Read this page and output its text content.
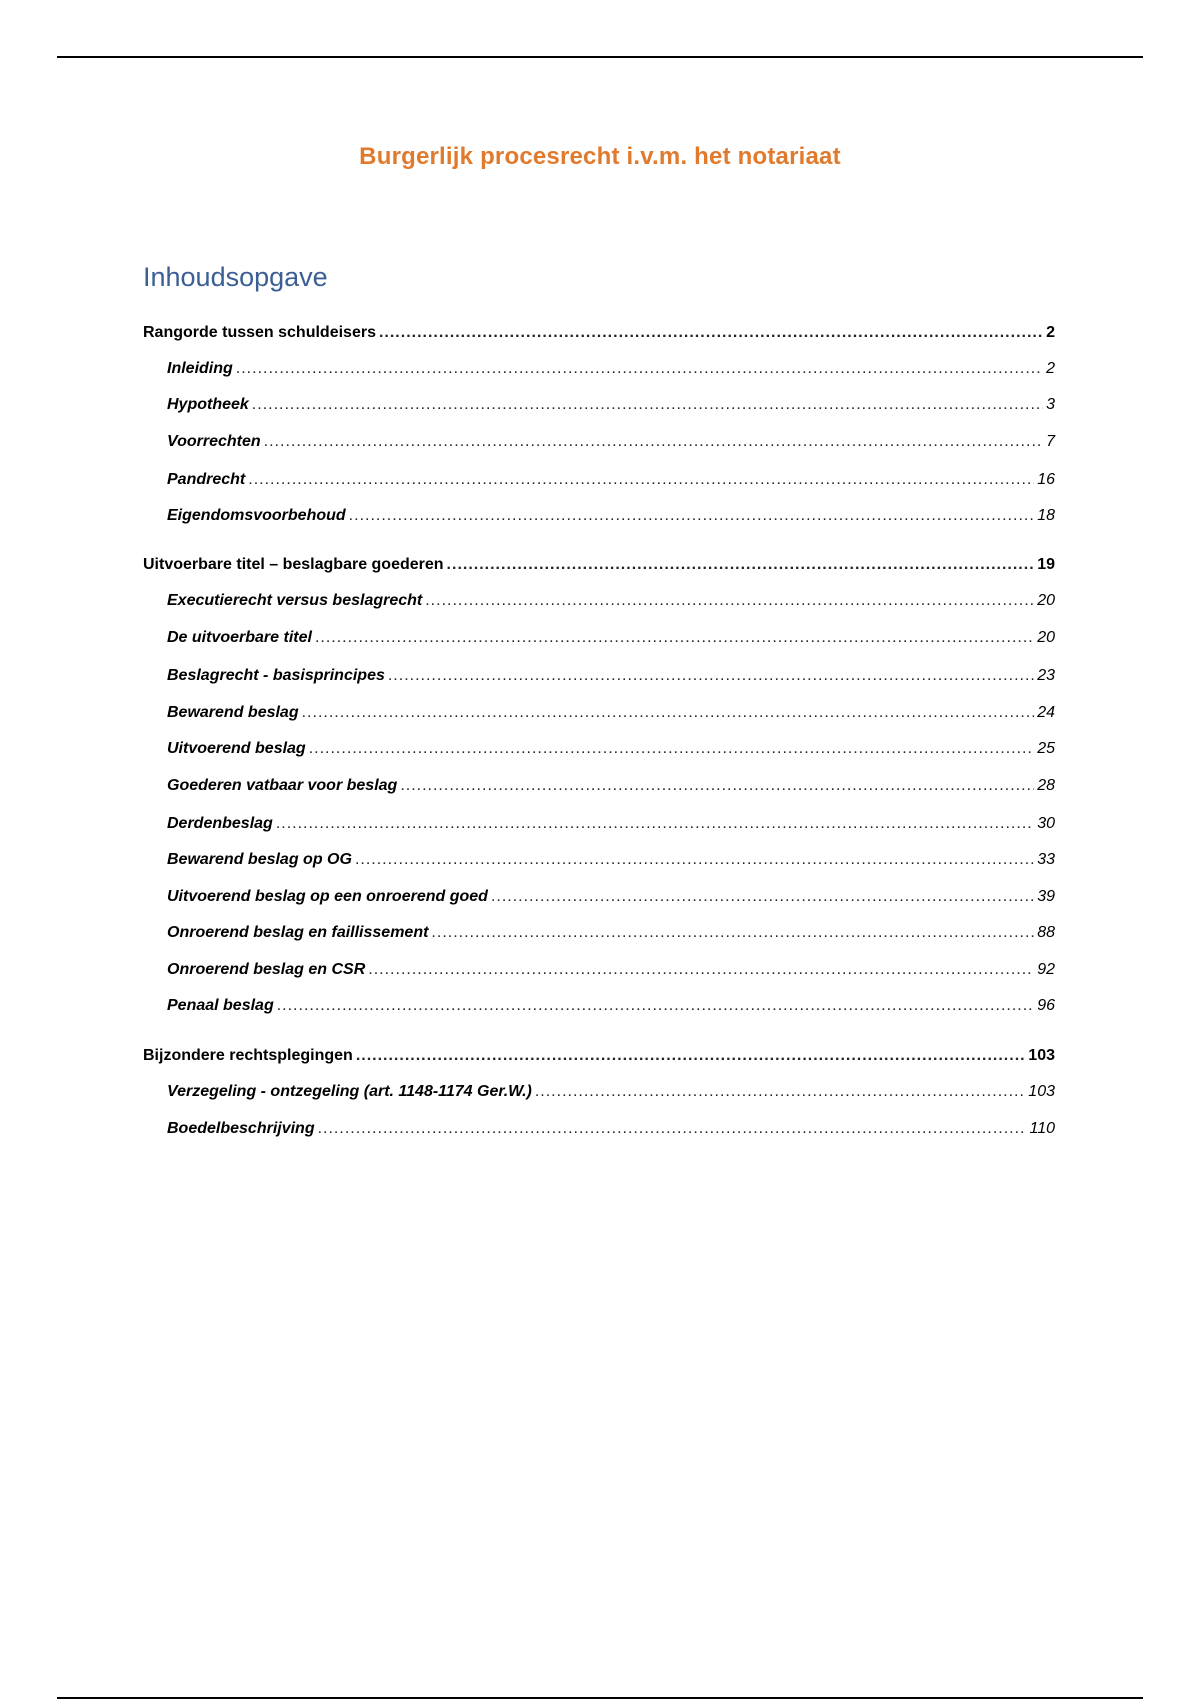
Burgerlijk procesrecht i.v.m. het notariaat
Inhoudsopgave
Rangorde tussen schuldeisers .....	2
Inleiding .....	2
Hypotheek .....	3
Voorrechten .....	7
Pandrecht .....	16
Eigendomsvoorbehoud .....	18
Uitvoerbare titel – beslagbare goederen .....	19
Executierecht versus beslagrecht .....	20
De uitvoerbare titel .....	20
Beslagrecht - basisprincipes .....	23
Bewarend beslag .....	24
Uitvoerend beslag .....	25
Goederen vatbaar voor beslag .....	28
Derdenbeslag .....	30
Bewarend beslag op OG .....	33
Uitvoerend beslag op een onroerend goed .....	39
Onroerend beslag en faillissement .....	88
Onroerend beslag en CSR .....	92
Penaal beslag .....	96
Bijzondere rechtsplegingen .....	103
Verzegeling - ontzegeling (art. 1148-1174 Ger.W.) .....	103
Boedelbeschrijving .....	110
